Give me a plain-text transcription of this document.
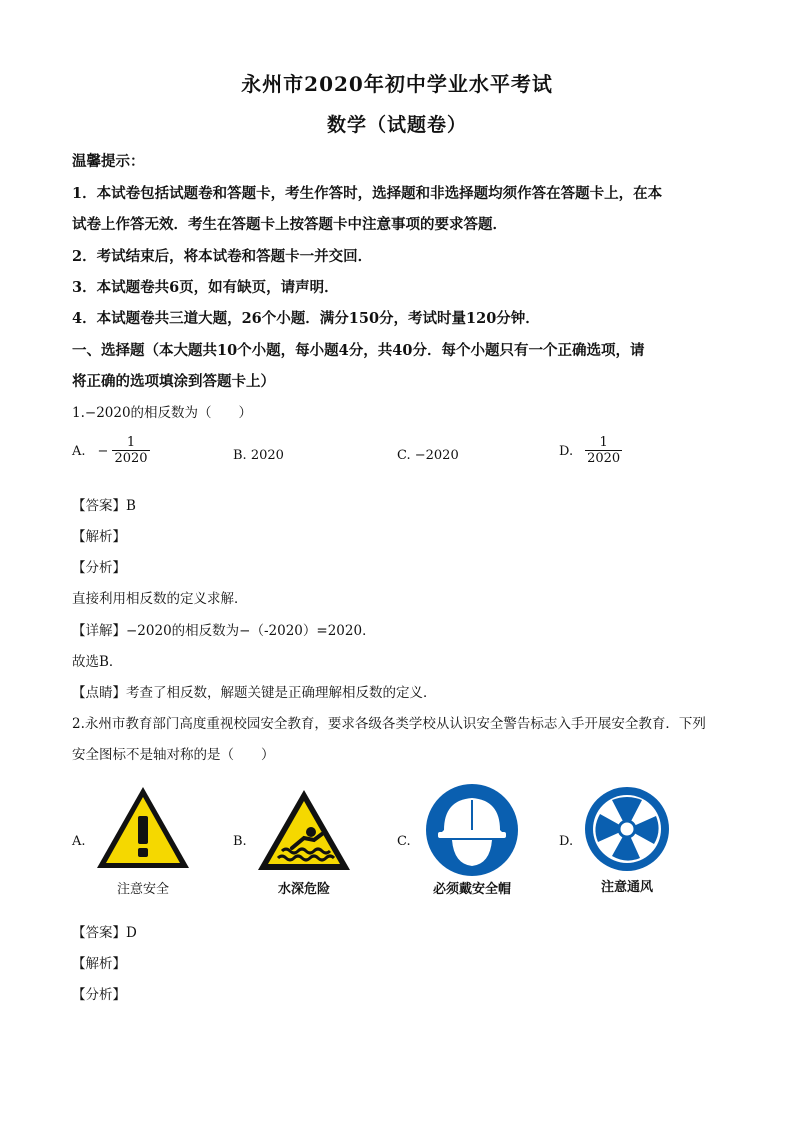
永州市2020年初中学业水平考试
数学（试题卷）
温馨提示：
1．本试卷包括试题卷和答题卡，考生作答时，选择题和非选择题均须作答在答题卡上，在本
试卷上作答无效．考生在答题卡上按答题卡中注意事项的要求答题．
2．考试结束后，将本试卷和答题卡一并交回．
3．本试题卷共6页，如有缺页，请声明．
4．本试题卷共三道大题，26个小题．满分150分，考试时量120分钟．
一、选择题（本大题共10个小题，每小题4分，共40分．每个小题只有一个正确选项，请
将正确的选项填涂到答题卡上）
1.−2020的相反数为（　　）
A. − $\frac{1}{2020}$	B. 2020	C. −2020	D. $\frac{1}{2020}$
【答案】B
【解析】
【分析】
直接利用相反数的定义求解．
【详解】−2020的相反数为−（-2020）=2020．
故选B．
【点睛】考查了相反数，解题关键是正确理解相反数的定义．
2.永州市教育部门高度重视校园安全教育，要求各级各类学校从认识安全警告标志入手开展安全教育．下列
安全图标不是轴对称的是（　　）
A.	B.	C.	D.
注意安全	水深危险	必须戴安全帽	注意通风
【答案】D
【解析】
【分析】
